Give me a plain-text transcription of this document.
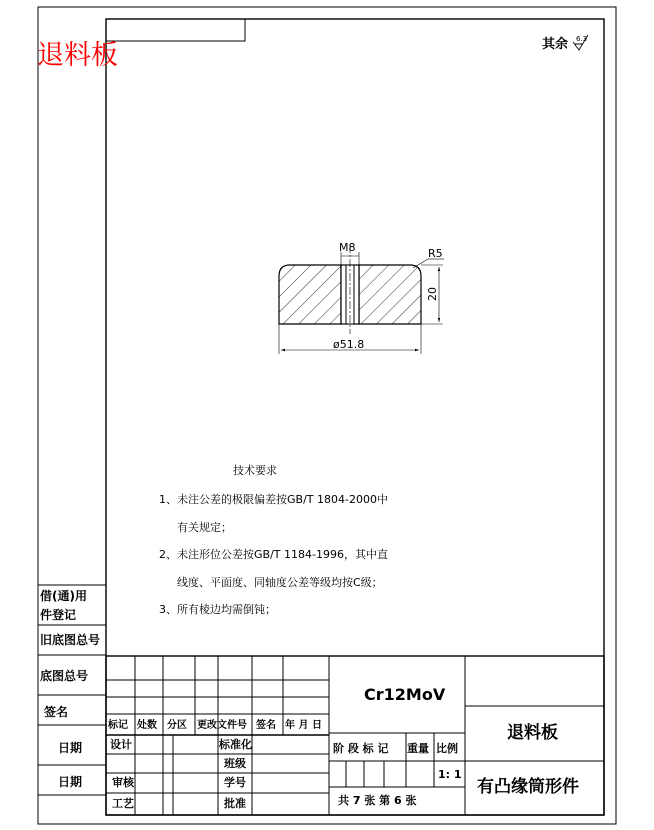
退料板	其余 6.3
M8	R5
20
ø51.8
技术要求
1、未注公差的极限偏差按GB/T 1804-2000中
有关规定；
2、未注形位公差按GB/T 1184-1996，其中直
线度、平面度、同轴度公差等级均按C级；
3、所有棱边均需倒钝；
借(通)用
件登记
旧底图总号
底图总号
签名
日期
日期
Cr12MoV
退料板
有凸缘筒形件
标记 处数 分区 更改文件号 签名 年 月 日
设计	标准化
班级
审核	学号
工艺	批准
阶 段 标 记 重量 比例
1: 1
共 7 张 第 6 张
